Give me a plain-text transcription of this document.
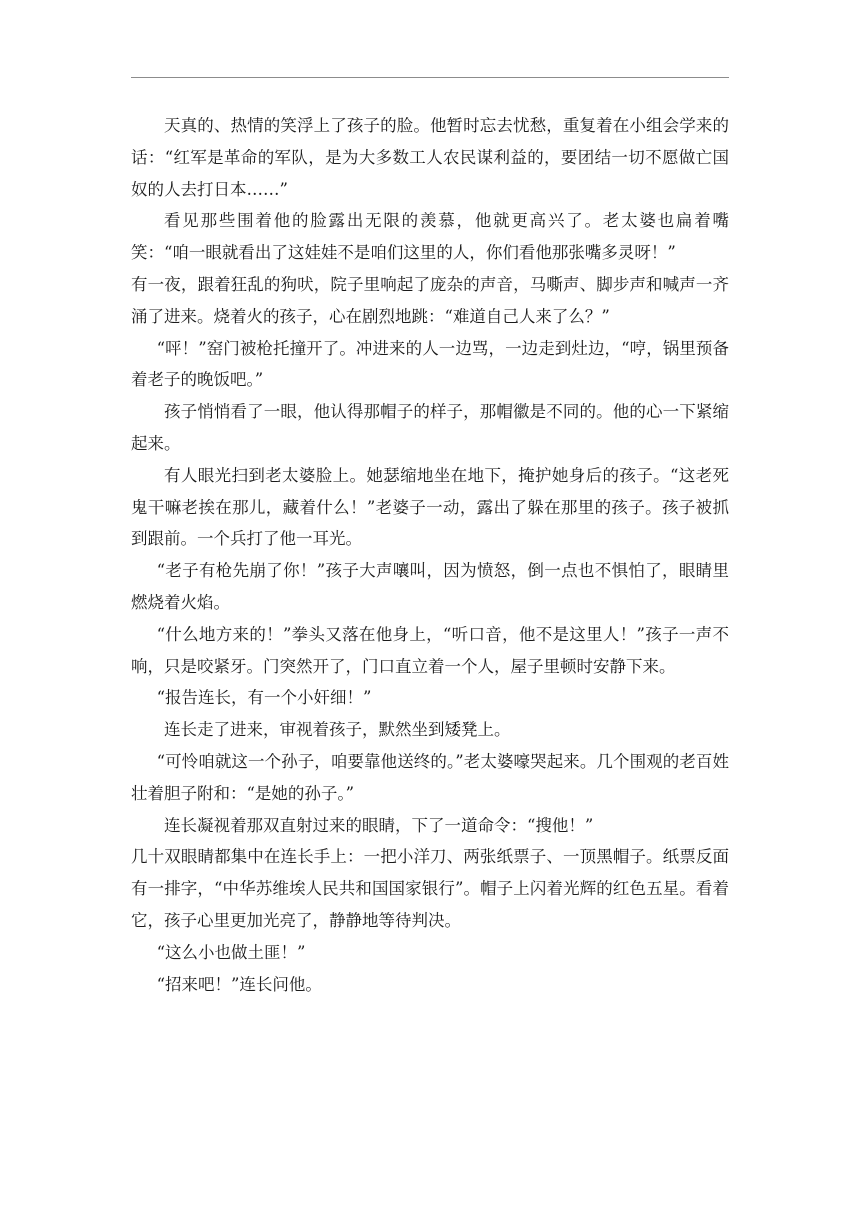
天真的、热情的笑浮上了孩子的脸。他暂时忘去忧愁，重复着在小组会学来的话：“红军是革命的军队，是为大多数工人农民谋利益的，要团结一切不愿做亡国奴的人去打日本……”

看见那些围着他的脸露出无限的羡慕，他就更高兴了。老太婆也扁着嘴笑：“咱一眼就看出了这娃娃不是咱们这里的人，你们看他那张嘴多灵呀！”

有一夜，跟着狂乱的狗吠，院子里响起了庞杂的声音，马嘶声、脚步声和喊声一齐涌了进来。烧着火的孩子，心在剧烈地跳：“难道自己人来了么？”

“呯！”窑门被枪托撞开了。冲进来的人一边骂，一边走到灶边，“哼，锅里预备着老子的晚饭吧。”

孩子悄悄看了一眼，他认得那帽子的样子，那帽徽是不同的。他的心一下紧缩起来。

有人眼光扫到老太婆脸上。她瑟缩地坐在地下，掩护她身后的孩子。“这老死鬼干嘛老挨在那儿，藏着什么！”老婆子一动，露出了躲在那里的孩子。孩子被抓到跟前。一个兵打了他一耳光。

“老子有枪先崩了你！”孩子大声嚷叫，因为愤怒，倒一点也不惧怕了，眼睛里燃烧着火焰。

“什么地方来的！”拳头又落在他身上，“听口音，他不是这里人！”孩子一声不响，只是咬紧牙。门突然开了，门口直立着一个人，屋子里顿时安静下来。

“报告连长，有一个小奸细！”

连长走了进来，审视着孩子，默然坐到矮凳上。

“可怜咱就这一个孙子，咱要靠他送终的。”老太婆嚎哭起来。几个围观的老百姓壮着胆子附和：“是她的孙子。”

连长凝视着那双直射过来的眼睛，下了一道命令：“搜他！”

几十双眼睛都集中在连长手上：一把小洋刀、两张纸票子、一顶黑帽子。纸票反面有一排字，“中华苏维埃人民共和国国家银行”。帽子上闪着光辉的红色五星。看着它，孩子心里更加光亮了，静静地等待判决。

“这么小也做土匪！”

“招来吧！”连长问他。
